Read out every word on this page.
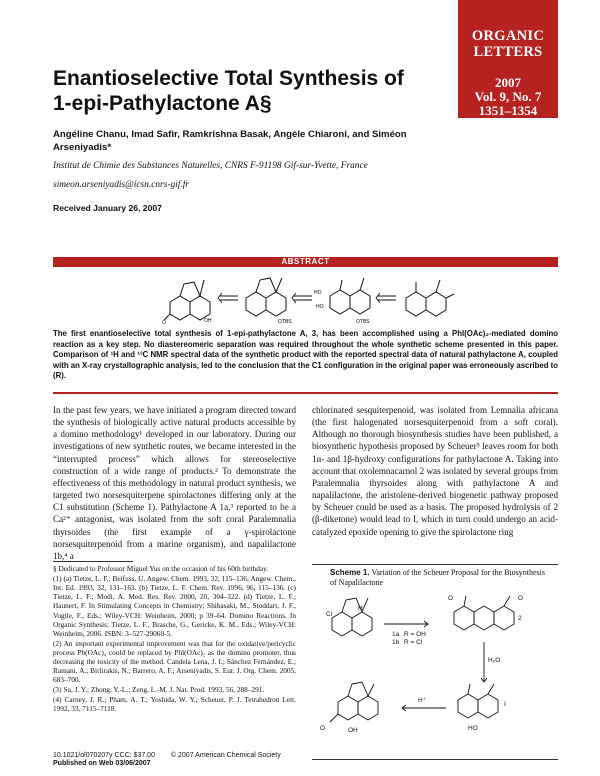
ORGANIC LETTERS
2007
Vol. 9, No. 7
1351–1354
Enantioselective Total Synthesis of
1-epi-Pathylactone A§
Angéline Chanu, Imad Safir, Ramkrishna Basak, Angèle Chiaroni, and Siméon Arseniyadis*
Institut de Chimie des Substances Naturelles, CNRS F-91198 Gif-sur-Yvette, France
simeon.arseniyadis@icsn.cnrs-gif.fr
Received January 26, 2007
ABSTRACT
O	OH	OTBS
HO
HO
OTBS

The first enantioselective total synthesis of 1-epi-pathylactone A, 3, has been accomplished using a Phl(OAc)₂-mediated domino reaction as a key step. No diastereomeric separation was required throughout the whole synthetic scheme presented in this paper. Comparison of ¹H and ¹³C NMR spectral data of the synthetic product with the reported spectral data of natural pathylactone A, coupled with an X-ray crystallographic analysis, led to the conclusion that the C1 configuration in the original paper was erroneously ascribed to (R).

In the past few years, we have initiated a program directed toward the synthesis of biologically active natural products accessible by a domino methodology¹ developed in our laboratory. During our investigations of new synthetic routes, we became interested in the “interrupted process” which allows for stereoselective construction of a wide range of products.² To demonstrate the effectiveness of this methodology in natural product synthesis, we targeted two norsesquiterpene spirolactones differing only at the C1 substitution (Scheme 1). Pathylactone A 1a,³ reported to be a Ca²⁺ antagonist, was isolated from the soft coral Paralemnalia thyrsoides (the first example of a γ-spirolactone norsesquiterpenoid from a marine organism), and napalilactone 1b,⁴ a

chlorinated sesquiterpenoid, was isolated from Lemnalia africana (the first halogenated norsesquiterpenoid from a soft coral). Although no thorough biosynthesis studies have been published, a biosynthetic hypothesis proposed by Scheuer⁵ leaves room for both 1α- and 1β-hydroxy configurations for pathylactone A. Taking into account that oxolemnacarnol 2 was isolated by several groups from Paralemnalia thyrsoides along with pathylactone A and napalilactone, the aristolene-derived biogenetic pathway proposed by Scheuer could be used as a basis. The proposed hydrolysis of 2 (β-diketone) would lead to I, which in turn could undergo an acid-catalyzed epoxide opening to give the spirolactone ring

§ Dedicated to Professor Miguel Yus on the occasion of his 60th birthday.

(1) (a) Tietze, L. F.; Beifuss, U. Angew. Chem. 1993, 32, 115–136; Angew. Chem., Int. Ed. 1993, 32, 131–163. (b) Tietze, L. F. Chem. Rev. 1996, 96, 115–136. (c) Tietze, L. F.; Modi, A. Med. Res. Rev. 2000, 20, 304–322. (d) Tietze, L. F.; Haunert, F. In Stimulating Concepts in Chemistry; Shibasaki, M., Stoddart, J. F., Vogtle, F., Eds.; Wiley-VCH: Weinheim, 2000; p 39–64. Domino Reactions. In Organic Synthesis; Tietze, L. F., Brasche, G., Gericke, K. M., Eds.; Wiley-VCH: Weinheim, 2006. ISBN: 3–527-29060-5.

(2) An important experimental improvement was that for the oxidative/pericyclic process Pb(OAc)₄ could be replaced by Phl(OAc)₂ as the domino promoter, thus decreasing the toxicity of the method. Candela Lena, J. I.; Sánchez Fernández, E.; Ramani, A.; Birlirakis, N.; Barrero, A. F.; Arseniyadis, S. Eur. J. Org. Chem. 2005, 683–700.

(3) Su, J. Y.; Zhong, Y.-L.; Zeng, L.-M. J. Nat. Prod. 1993, 56, 288–291.

(4) Carney, J. R.; Pham, A. T.; Yoshida, W. Y.; Scheuer, P. J. Tetrahedron Lett. 1992, 33, 7115–7118.

Scheme 1. Variation of the Scheuer Proposal for the Biosynthesis of Napalilactone
1a
1b
R = OH
R = Cl
2
I
H₂O
H⁺
H
Cl
OH
O
O
O
HO
10.1021/ol070207y CCC: $37.00 © 2007 American Chemical Society
Published on Web 03/06/2007
